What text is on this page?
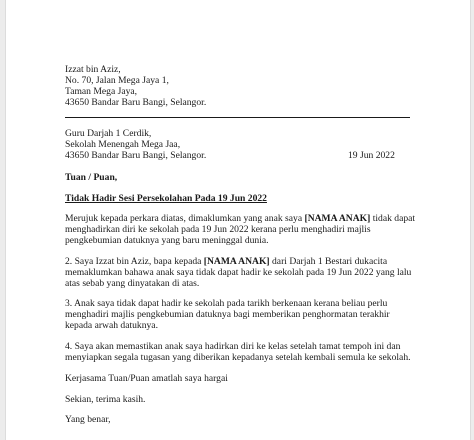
Izzat bin Aziz,
No. 70, Jalan Mega Jaya 1,
Taman Mega Jaya,
43650 Bandar Baru Bangi, Selangor.
Guru Darjah 1 Cerdik,
Sekolah Menengah Mega Jaa,
43650 Bandar Baru Bangi, Selangor.	19 Jun 2022
Tuan / Puan,
Tidak Hadir Sesi Persekolahan Pada 19 Jun 2022
Merujuk kepada perkara diatas, dimaklumkan yang anak saya [NAMA ANAK] tidak dapat
menghadirkan diri ke sekolah pada 19 Jun 2022 kerana perlu menghadiri majlis
pengkebumian datuknya yang baru meninggal dunia.
2. Saya Izzat bin Aziz, bapa kepada [NAMA ANAK] dari Darjah 1 Bestari dukacita
memaklumkan bahawa anak saya tidak dapat hadir ke sekolah pada 19 Jun 2022 yang lalu
atas sebab yang dinyatakan di atas.
3. Anak saya tidak dapat hadir ke sekolah pada tarikh berkenaan kerana beliau perlu
menghadiri majlis pengkebumian datuknya bagi memberikan penghormatan terakhir
kepada arwah datuknya.
4. Saya akan memastikan anak saya hadirkan diri ke kelas setelah tamat tempoh ini dan
menyiapkan segala tugasan yang diberikan kepadanya setelah kembali semula ke sekolah.
Kerjasama Tuan/Puan amatlah saya hargai
Sekian, terima kasih.
Yang benar,
